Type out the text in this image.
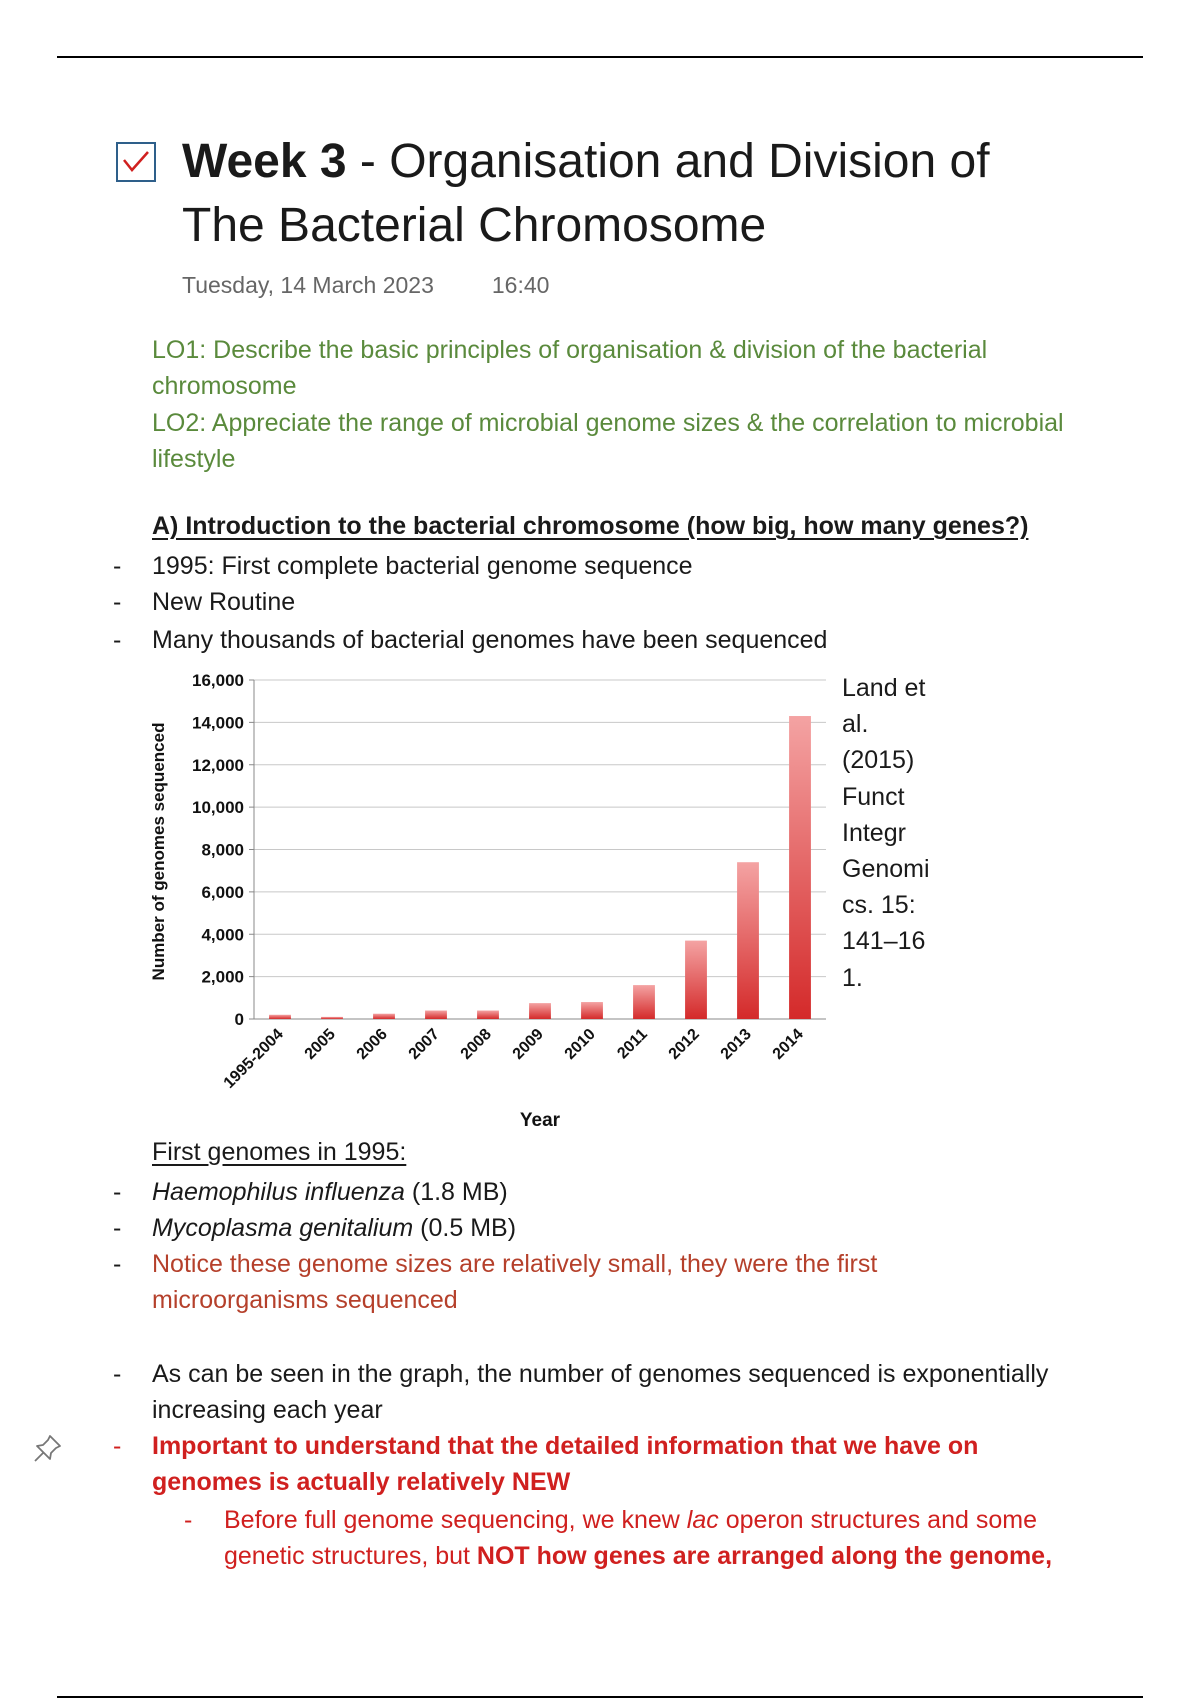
Week 3 - Organisation and Division of
The Bacterial Chromosome
Tuesday, 14 March 2023	16:40
LO1: Describe the basic principles of organisation & division of the bacterial chromosome
LO2: Appreciate the range of microbial genome sizes & the correlation to microbial lifestyle
A) Introduction to the bacterial chromosome (how big, how many genes?)
- 1995: First complete bacterial genome sequence
- New Routine
- Many thousands of bacterial genomes have been sequenced
0
2,000
4,000
6,000
8,000
10,000
12,000
14,000
16,000
1995-2004 2005 2006 2007 2008 2009 2010 2011 2012 2013 2014
Year
Number of genomes sequenced
Land et
al.
(2015)
Funct
Integr
Genomi
cs. 15:
141–16
1.
First genomes in 1995:
- Haemophilus influenza (1.8 MB)
- Mycoplasma genitalium (0.5 MB)
- Notice these genome sizes are relatively small, they were the first microorganisms sequenced
- As can be seen in the graph, the number of genomes sequenced is exponentially increasing each year
- Important to understand that the detailed information that we have on genomes is actually relatively NEW
- Before full genome sequencing, we knew lac operon structures and some genetic structures, but NOT how genes are arranged along the genome,
